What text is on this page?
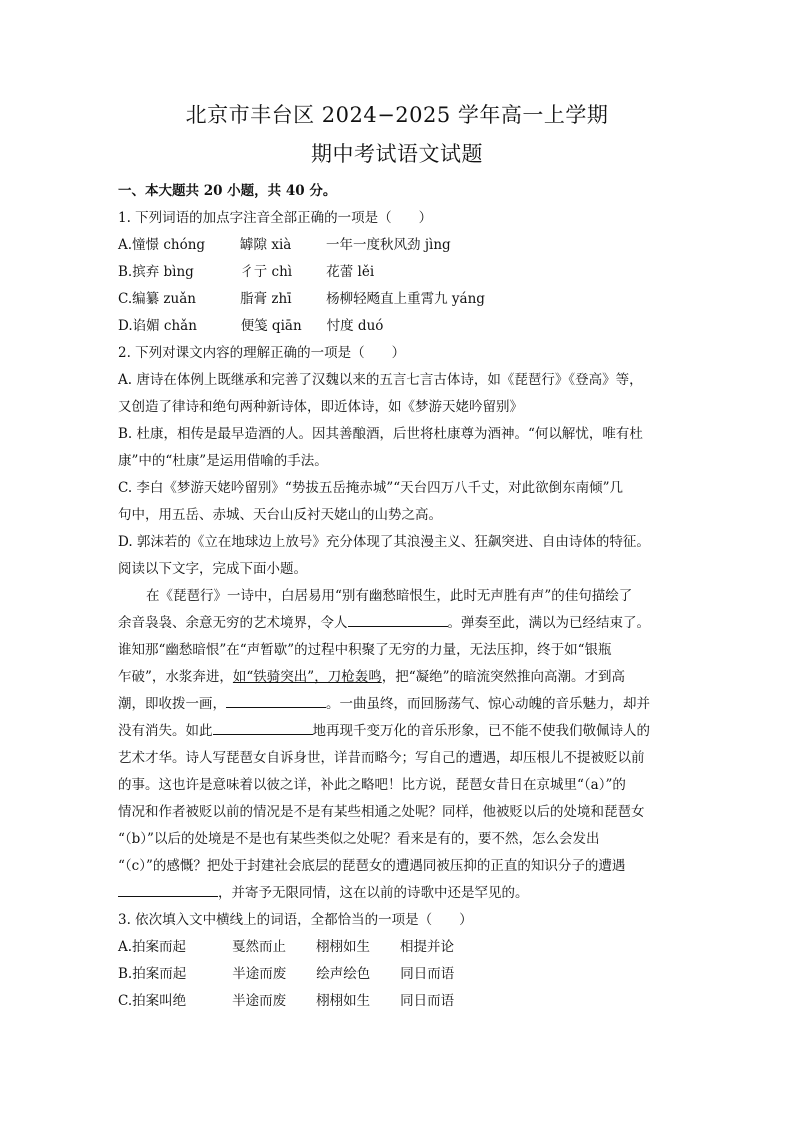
北京市丰台区 2024−2025 学年高一上学期
期中考试语文试题
一、本大题共 20 小题，共 40 分。
1. 下列词语的加点字注音全部正确的一项是（　　）
A.憧憬 chóng	罅隙 xià	一年一度秋风劲 jìng
B.摈弃 bìng	彳亍 chì	花蕾 lěi
C.编纂 zuǎn	脂膏 zhī	杨柳轻飏直上重霄九 yáng
D.谄媚 chǎn	便笺 qiān 忖度 duó
2. 下列对课文内容的理解正确的一项是（　　）
A. 唐诗在体例上既继承和完善了汉魏以来的五言七言古体诗，如《琵琶行》《登高》等，
又创造了律诗和绝句两种新诗体，即近体诗，如《梦游天姥吟留别》
B. 杜康，相传是最早造酒的人。因其善酿酒，后世将杜康尊为酒神。“何以解忧，唯有杜
康”中的“杜康”是运用借喻的手法。
C. 李白《梦游天姥吟留别》“势拔五岳掩赤城”“天台四万八千丈，对此欲倒东南倾”几
句中，用五岳、赤城、天台山反衬天姥山的山势之高。
D. 郭沫若的《立在地球边上放号》充分体现了其浪漫主义、狂飙突进、自由诗体的特征。
阅读以下文字，完成下面小题。
在《琵琶行》一诗中，白居易用“别有幽愁暗恨生，此时无声胜有声”的佳句描绘了
余音袅袅、余意无穷的艺术境界，令人	。弹奏至此，满以为已经结束了。
谁知那“幽愁暗恨”在“声暂歇”的过程中积聚了无穷的力量，无法压抑，终于如“银瓶
乍破”，水浆奔进，如“铁骑突出”，刀枪轰鸣，把“凝绝”的暗流突然推向高潮。才到高
潮，即收拨一画，	。一曲虽终，而回肠荡气、惊心动魄的音乐魅力，却并
没有消失。如此	地再现千变万化的音乐形象，已不能不使我们敬佩诗人的
艺术才华。诗人写琵琶女自诉身世，详昔而略今；写自己的遭遇，却压根儿不提被贬以前
的事。这也许是意味着以彼之详，补此之略吧！比方说，琵琶女昔日在京城里“（a）”的
情况和作者被贬以前的情况是不是有某些相通之处呢？同样，他被贬以后的处境和琵琶女
“（b）”以后的处境是不是也有某些类似之处呢？看来是有的，要不然，怎么会发出
“（c）”的感慨？把处于封建社会底层的琵琶女的遭遇同被压抑的正直的知识分子的遭遇
，并寄予无限同情，这在以前的诗歌中还是罕见的。
3. 依次填入文中横线上的词语，全都恰当的一项是（　　）
A.拍案而起	戛然而止 栩栩如生 相提并论
B.拍案而起	半途而废 绘声绘色 同日而语
C.拍案叫绝	半途而废 栩栩如生 同日而语
